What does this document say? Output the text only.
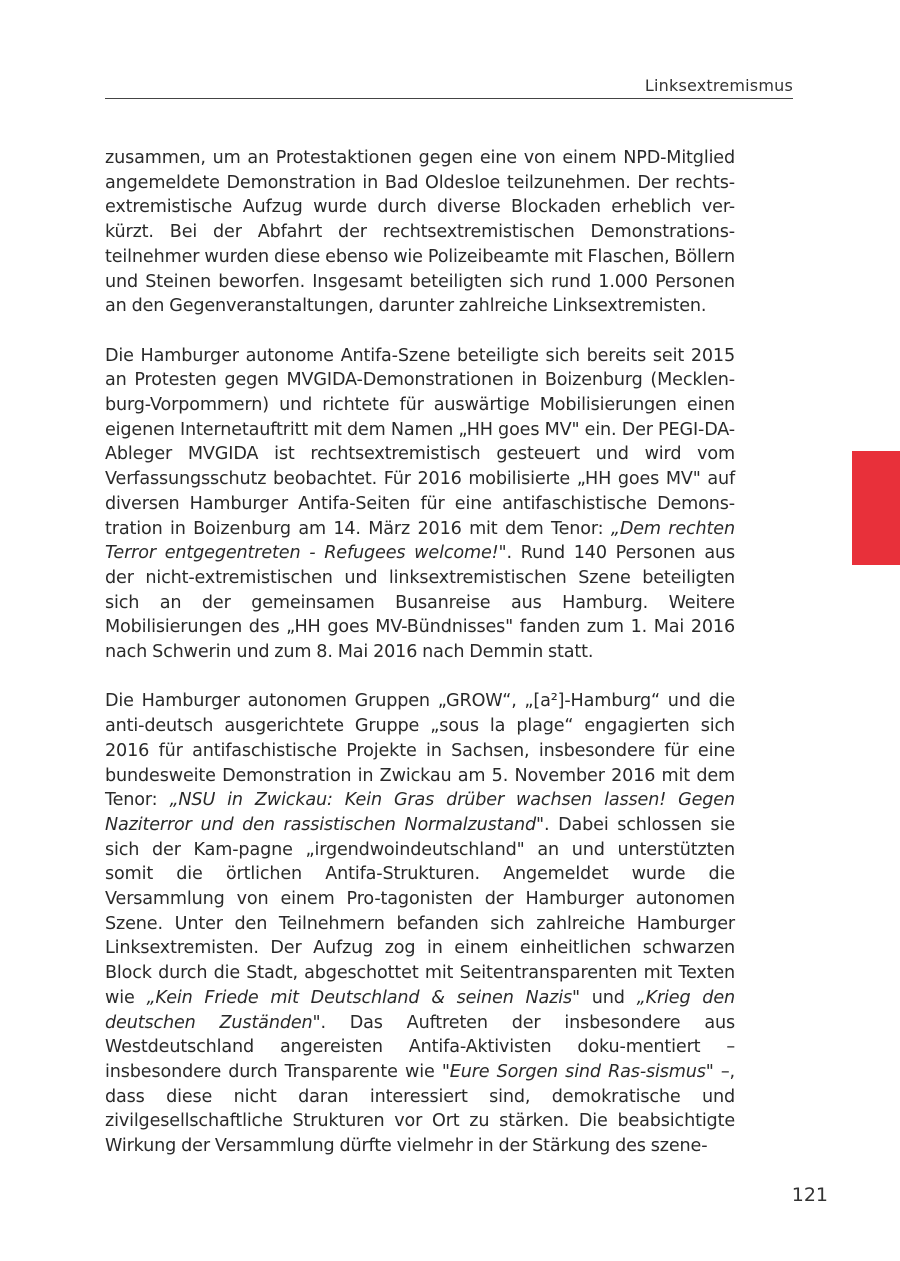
Linksextremismus

zusammen, um an Protestaktionen gegen eine von einem NPD-Mitglied angemeldete Demonstration in Bad Oldesloe teilzunehmen. Der rechts-extremistische Aufzug wurde durch diverse Blockaden erheblich ver-kürzt. Bei der Abfahrt der rechtsextremistischen Demonstrations-teilnehmer wurden diese ebenso wie Polizeibeamte mit Flaschen, Böllern und Steinen beworfen. Insgesamt beteiligten sich rund 1.000 Personen an den Gegenveranstaltungen, darunter zahlreiche Linksextremisten.

Die Hamburger autonome Antifa-Szene beteiligte sich bereits seit 2015 an Protesten gegen MVGIDA-Demonstrationen in Boizenburg (Mecklen-burg-Vorpommern) und richtete für auswärtige Mobilisierungen einen eigenen Internetauftritt mit dem Namen „HH goes MV" ein. Der PEGI-DA-Ableger MVGIDA ist rechtsextremistisch gesteuert und wird vom Verfassungsschutz beobachtet. Für 2016 mobilisierte „HH goes MV" auf diversen Hamburger Antifa-Seiten für eine antifaschistische Demons-tration in Boizenburg am 14. März 2016 mit dem Tenor: „Dem rechten Terror entgegentreten - Refugees welcome!". Rund 140 Personen aus der nicht-extremistischen und linksextremistischen Szene beteiligten sich an der gemeinsamen Busanreise aus Hamburg. Weitere Mobilisierungen des „HH goes MV-Bündnisses" fanden zum 1. Mai 2016 nach Schwerin und zum 8. Mai 2016 nach Demmin statt.

Die Hamburger autonomen Gruppen „GROW“, „[a²]-Hamburg“ und die anti-deutsch ausgerichtete Gruppe „sous la plage“ engagierten sich 2016 für antifaschistische Projekte in Sachsen, insbesondere für eine bundesweite Demonstration in Zwickau am 5. November 2016 mit dem Tenor: „NSU in Zwickau: Kein Gras drüber wachsen lassen! Gegen Naziterror und den rassistischen Normalzustand". Dabei schlossen sie sich der Kam-pagne „irgendwoindeutschland" an und unterstützten somit die örtlichen Antifa-Strukturen. Angemeldet wurde die Versammlung von einem Pro-tagonisten der Hamburger autonomen Szene. Unter den Teilnehmern befanden sich zahlreiche Hamburger Linksextremisten. Der Aufzug zog in einem einheitlichen schwarzen Block durch die Stadt, abgeschottet mit Seitentransparenten mit Texten wie „Kein Friede mit Deutschland & seinen Nazis" und „Krieg den deutschen Zuständen". Das Auftreten der insbesondere aus Westdeutschland angereisten Antifa-Aktivisten doku-mentiert – insbesondere durch Transparente wie "Eure Sorgen sind Ras-sismus" –, dass diese nicht daran interessiert sind, demokratische und zivilgesellschaftliche Strukturen vor Ort zu stärken. Die beabsichtigte Wirkung der Versammlung dürfte vielmehr in der Stärkung des szene-

121
